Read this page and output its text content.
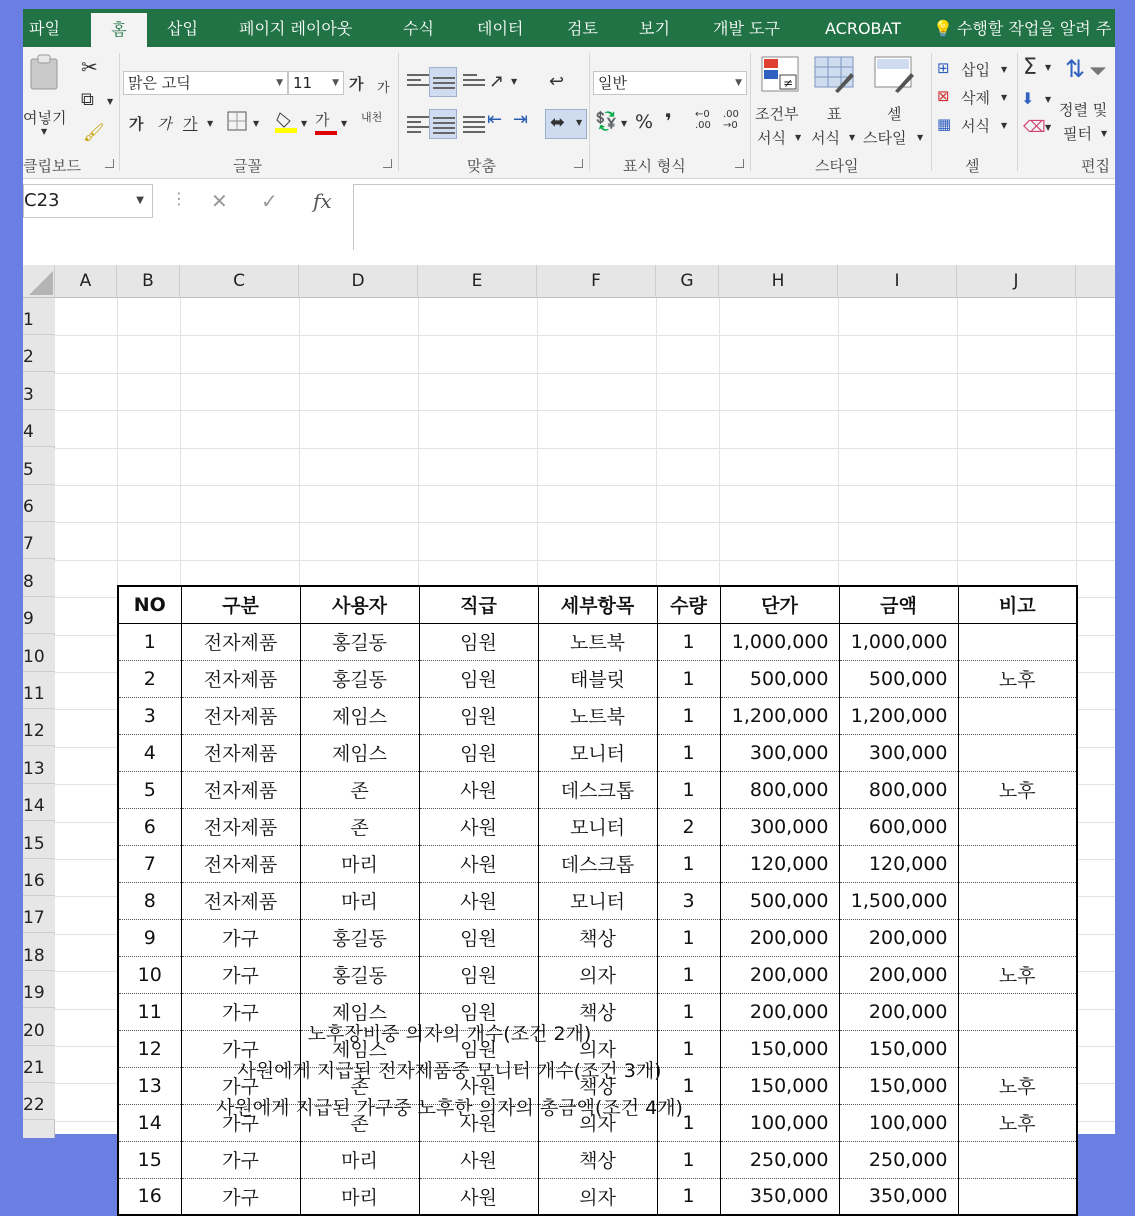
파일	홈	삽입	페이지 레이아웃	수식	데이터	검토	보기	개발 도구	ACROBAT 💡 수행할 작업을 알려 주
여넣기
▼
✂
⧉ ▼
🖌
클립보드
맑은 고딕	▼ 11 ▼ 가 가
가 가 가 ▼	▼	▼ 가	▼ 내천
글꼴
↗ ▼ ↩
⇤ ⇥ ⬌ ▼
맞춤
일반	▼
💱 ▼ % ❜ ←0 .00
.00 →0
표시 형식
≠
조건부
서식 ▼
표
서식 ▼
셀
스타일 ▼
스타일
⊞ 삽입 ▼
⊠ 삭제 ▼
▦ 서식 ▼
셀
Σ ▼
⬇ ▼
⌫ ▼
⇅ ⏷
정렬 및
필터 ▼
편집
C23	▼ ⋮ ✕ ✓ fx
A	B	C	D	E	F	G	H	I	J
1
2
3
4
5
6
7
8
9
10
11
12
13
14
15
16
17
18
19
20
21
22
NO	구분	사용자	직급	세부항목	수량	단가	금액	비고
1	전자제품	홍길동	임원	노트북	1	1,000,000	1,000,000	
2	전자제품	홍길동	임원	태블릿	1	500,000	500,000	노후
3	전자제품	제임스	임원	노트북	1	1,200,000	1,200,000	
4	전자제품	제임스	임원	모니터	1	300,000	300,000	
5	전자제품	존	사원	데스크톱	1	800,000	800,000	노후
6	전자제품	존	사원	모니터	2	300,000	600,000	
7	전자제품	마리	사원	데스크톱	1	120,000	120,000	
8	전자제품	마리	사원	모니터	3	500,000	1,500,000	
9	가구	홍길동	임원	책상	1	200,000	200,000	
10	가구	홍길동	임원	의자	1	200,000	200,000	노후
11	가구	제임스	임원	책상	1	200,000	200,000	
12	가구	제임스	임원	의자	1	150,000	150,000	
13	가구	존	사원	책상	1	150,000	150,000	노후
14	가구	존	사원	의자	1	100,000	100,000	노후
15	가구	마리	사원	책상	1	250,000	250,000	
16	가구	마리	사원	의자	1	350,000	350,000	
노후장비중 의자의 개수(조건 2개)
사원에게 지급된 전자제품중 모니터 개수(조건 3개)
사원에게 지급된 가구중 노후한 의자의 총금액(조건 4개)
